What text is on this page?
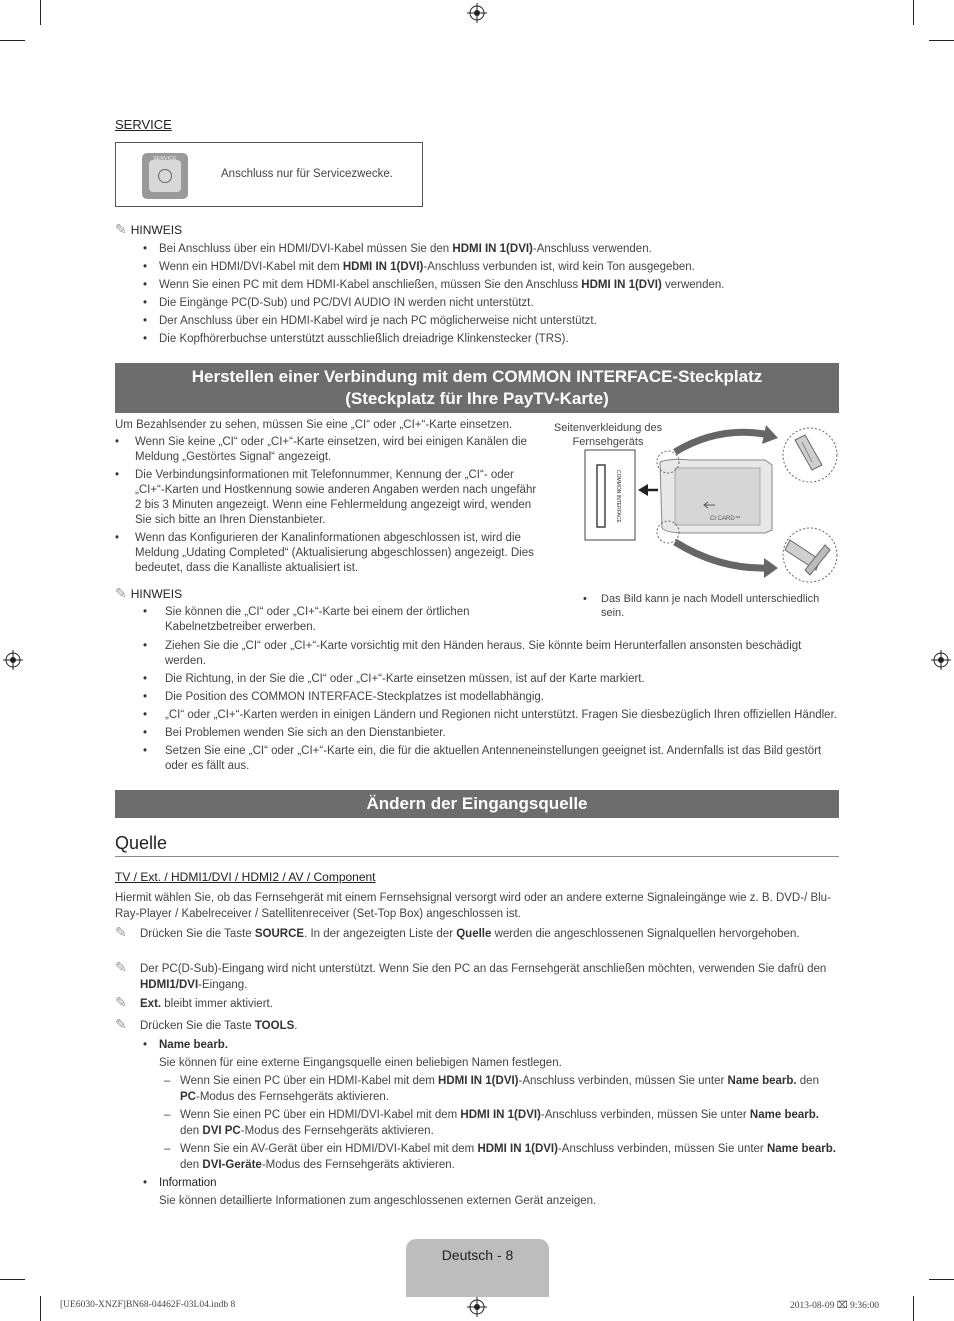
SERVICE
SERVICE
Anschluss nur für Servicezwecke.
✎ HINWEIS
• Bei Anschluss über ein HDMI/DVI-Kabel müssen Sie den HDMI IN 1(DVI)-Anschluss verwenden.
• Wenn ein HDMI/DVI-Kabel mit dem HDMI IN 1(DVI)-Anschluss verbunden ist, wird kein Ton ausgegeben.
• Wenn Sie einen PC mit dem HDMI-Kabel anschließen, müssen Sie den Anschluss HDMI IN 1(DVI) verwenden.
• Die Eingänge PC(D-Sub) und PC/DVI AUDIO IN werden nicht unterstützt.
• Der Anschluss über ein HDMI-Kabel wird je nach PC möglicherweise nicht unterstützt.
• Die Kopfhörerbuchse unterstützt ausschließlich dreiadrige Klinkenstecker (TRS).
Herstellen einer Verbindung mit dem COMMON INTERFACE-Steckplatz
(Steckplatz für Ihre PayTV-Karte)
Um Bezahlsender zu sehen, müssen Sie eine „CI“ oder „CI+“-Karte einsetzen.
• Wenn Sie keine „CI“ oder „CI+“-Karte einsetzen, wird bei einigen Kanälen die Meldung „Gestörtes Signal“ angezeigt.
• Die Verbindungsinformationen mit Telefonnummer, Kennung der „CI“- oder „CI+“-Karten und Hostkennung sowie anderen Angaben werden nach ungefähr 2 bis 3 Minuten angezeigt. Wenn eine Fehlermeldung angezeigt wird, wenden Sie sich bitte an Ihren Dienstanbieter.
• Wenn das Konfigurieren der Kanalinformationen abgeschlossen ist, wird die Meldung „Udating Completed“ (Aktualisierung abgeschlossen) angezeigt. Dies bedeutet, dass die Kanalliste aktualisiert ist.
✎ HINWEIS
• Sie können die „CI“ oder „CI+“-Karte bei einem der örtlichen Kabelnetzbetreiber erwerben.
• Ziehen Sie die „CI“ oder „CI+“-Karte vorsichtig mit den Händen heraus. Sie könnte beim Herunterfallen ansonsten beschädigt werden.
• Die Richtung, in der Sie die „CI“ oder „CI+“-Karte einsetzen müssen, ist auf der Karte markiert.
• Die Position des COMMON INTERFACE-Steckplatzes ist modellabhängig.
• „CI“ oder „CI+“-Karten werden in einigen Ländern und Regionen nicht unterstützt. Fragen Sie diesbezüglich Ihren offiziellen Händler.
• Bei Problemen wenden Sie sich an den Dienstanbieter.
• Setzen Sie eine „CI“ oder „CI+“-Karte ein, die für die aktuellen Antenneneinstellungen geeignet ist. Andernfalls ist das Bild gestört oder es fällt aus.
Seitenverkleidung des Fernsehgeräts
COMMON INTERFACE	CI CARD™
• Das Bild kann je nach Modell unterschiedlich sein.
Ändern der Eingangsquelle
Quelle
TV / Ext. / HDMI1/DVI / HDMI2 / AV / Component
Hiermit wählen Sie, ob das Fernsehgerät mit einem Fernsehsignal versorgt wird oder an andere externe Signaleingänge wie z. B. DVD-/ Blu-Ray-Player / Kabelreceiver / Satellitenreceiver (Set-Top Box) angeschlossen ist.
✎ Drücken Sie die Taste SOURCE. In der angezeigten Liste der Quelle werden die angeschlossenen Signalquellen hervorgehoben.
✎ Der PC(D-Sub)-Eingang wird nicht unterstützt. Wenn Sie den PC an das Fernsehgerät anschließen möchten, verwenden Sie dafrü den HDMI1/DVI-Eingang.
✎ Ext. bleibt immer aktiviert.
✎ Drücken Sie die Taste TOOLS.
• Name bearb.
Sie können für eine externe Eingangsquelle einen beliebigen Namen festlegen.
– Wenn Sie einen PC über ein HDMI-Kabel mit dem HDMI IN 1(DVI)-Anschluss verbinden, müssen Sie unter Name bearb. den PC-Modus des Fernsehgeräts aktivieren.
– Wenn Sie einen PC über ein HDMI/DVI-Kabel mit dem HDMI IN 1(DVI)-Anschluss verbinden, müssen Sie unter Name bearb. den DVI PC-Modus des Fernsehgeräts aktivieren.
– Wenn Sie ein AV-Gerät über ein HDMI/DVI-Kabel mit dem HDMI IN 1(DVI)-Anschluss verbinden, müssen Sie unter Name bearb. den DVI-Geräte-Modus des Fernsehgeräts aktivieren.
• Information
Sie können detaillierte Informationen zum angeschlossenen externen Gerät anzeigen.
Deutsch - 8
[UE6030-XNZF]BN68-04462F-03L04.indb 8	2013-08-09 ⌧ 9:36:00
